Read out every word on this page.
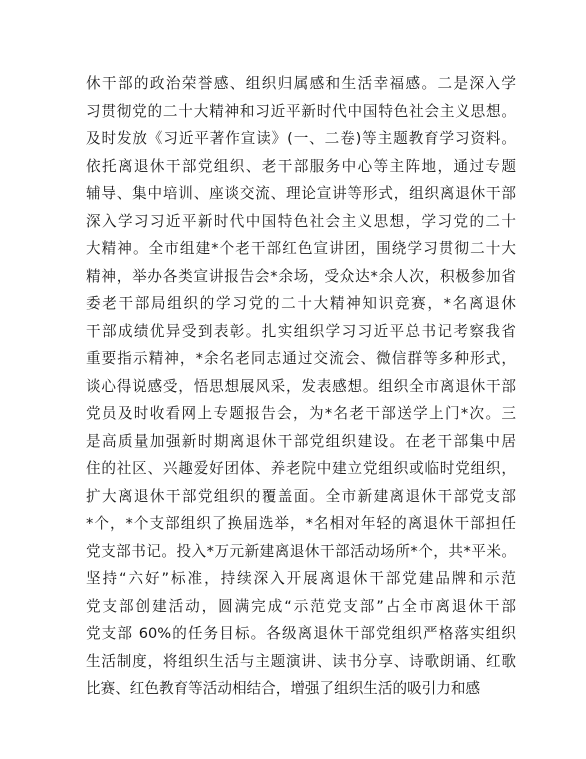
休干部的政治荣誉感、组织归属感和生活幸福感。二是深入学
习贯彻党的二十大精神和习近平新时代中国特色社会主义思想。
及时发放《习近平著作宣读》(一、二卷)等主题教育学习资料。
依托离退休干部党组织、老干部服务中心等主阵地，通过专题
辅导、集中培训、座谈交流、理论宣讲等形式，组织离退休干部
深入学习习近平新时代中国特色社会主义思想，学习党的二十
大精神。全市组建*个老干部红色宣讲团，围绕学习贯彻二十大
精神，举办各类宣讲报告会*余场，受众达*余人次，积极参加省
委老干部局组织的学习党的二十大精神知识竞赛，*名离退休
干部成绩优异受到表彰。扎实组织学习习近平总书记考察我省
重要指示精神，*余名老同志通过交流会、微信群等多种形式，
谈心得说感受，悟思想展风采，发表感想。组织全市离退休干部
党员及时收看网上专题报告会，为*名老干部送学上门*次。三
是高质量加强新时期离退休干部党组织建设。在老干部集中居
住的社区、兴趣爱好团体、养老院中建立党组织或临时党组织，
扩大离退休干部党组织的覆盖面。全市新建离退休干部党支部
*个，*个支部组织了换届选举，*名相对年轻的离退休干部担任
党支部书记。投入*万元新建离退休干部活动场所*个，共*平米。
坚持“六好”标准，持续深入开展离退休干部党建品牌和示范
党支部创建活动，圆满完成“示范党支部”占全市离退休干部
党支部 60%的任务目标。各级离退休干部党组织严格落实组织
生活制度，将组织生活与主题演讲、读书分享、诗歌朗诵、红歌
比赛、红色教育等活动相结合，增强了组织生活的吸引力和感
